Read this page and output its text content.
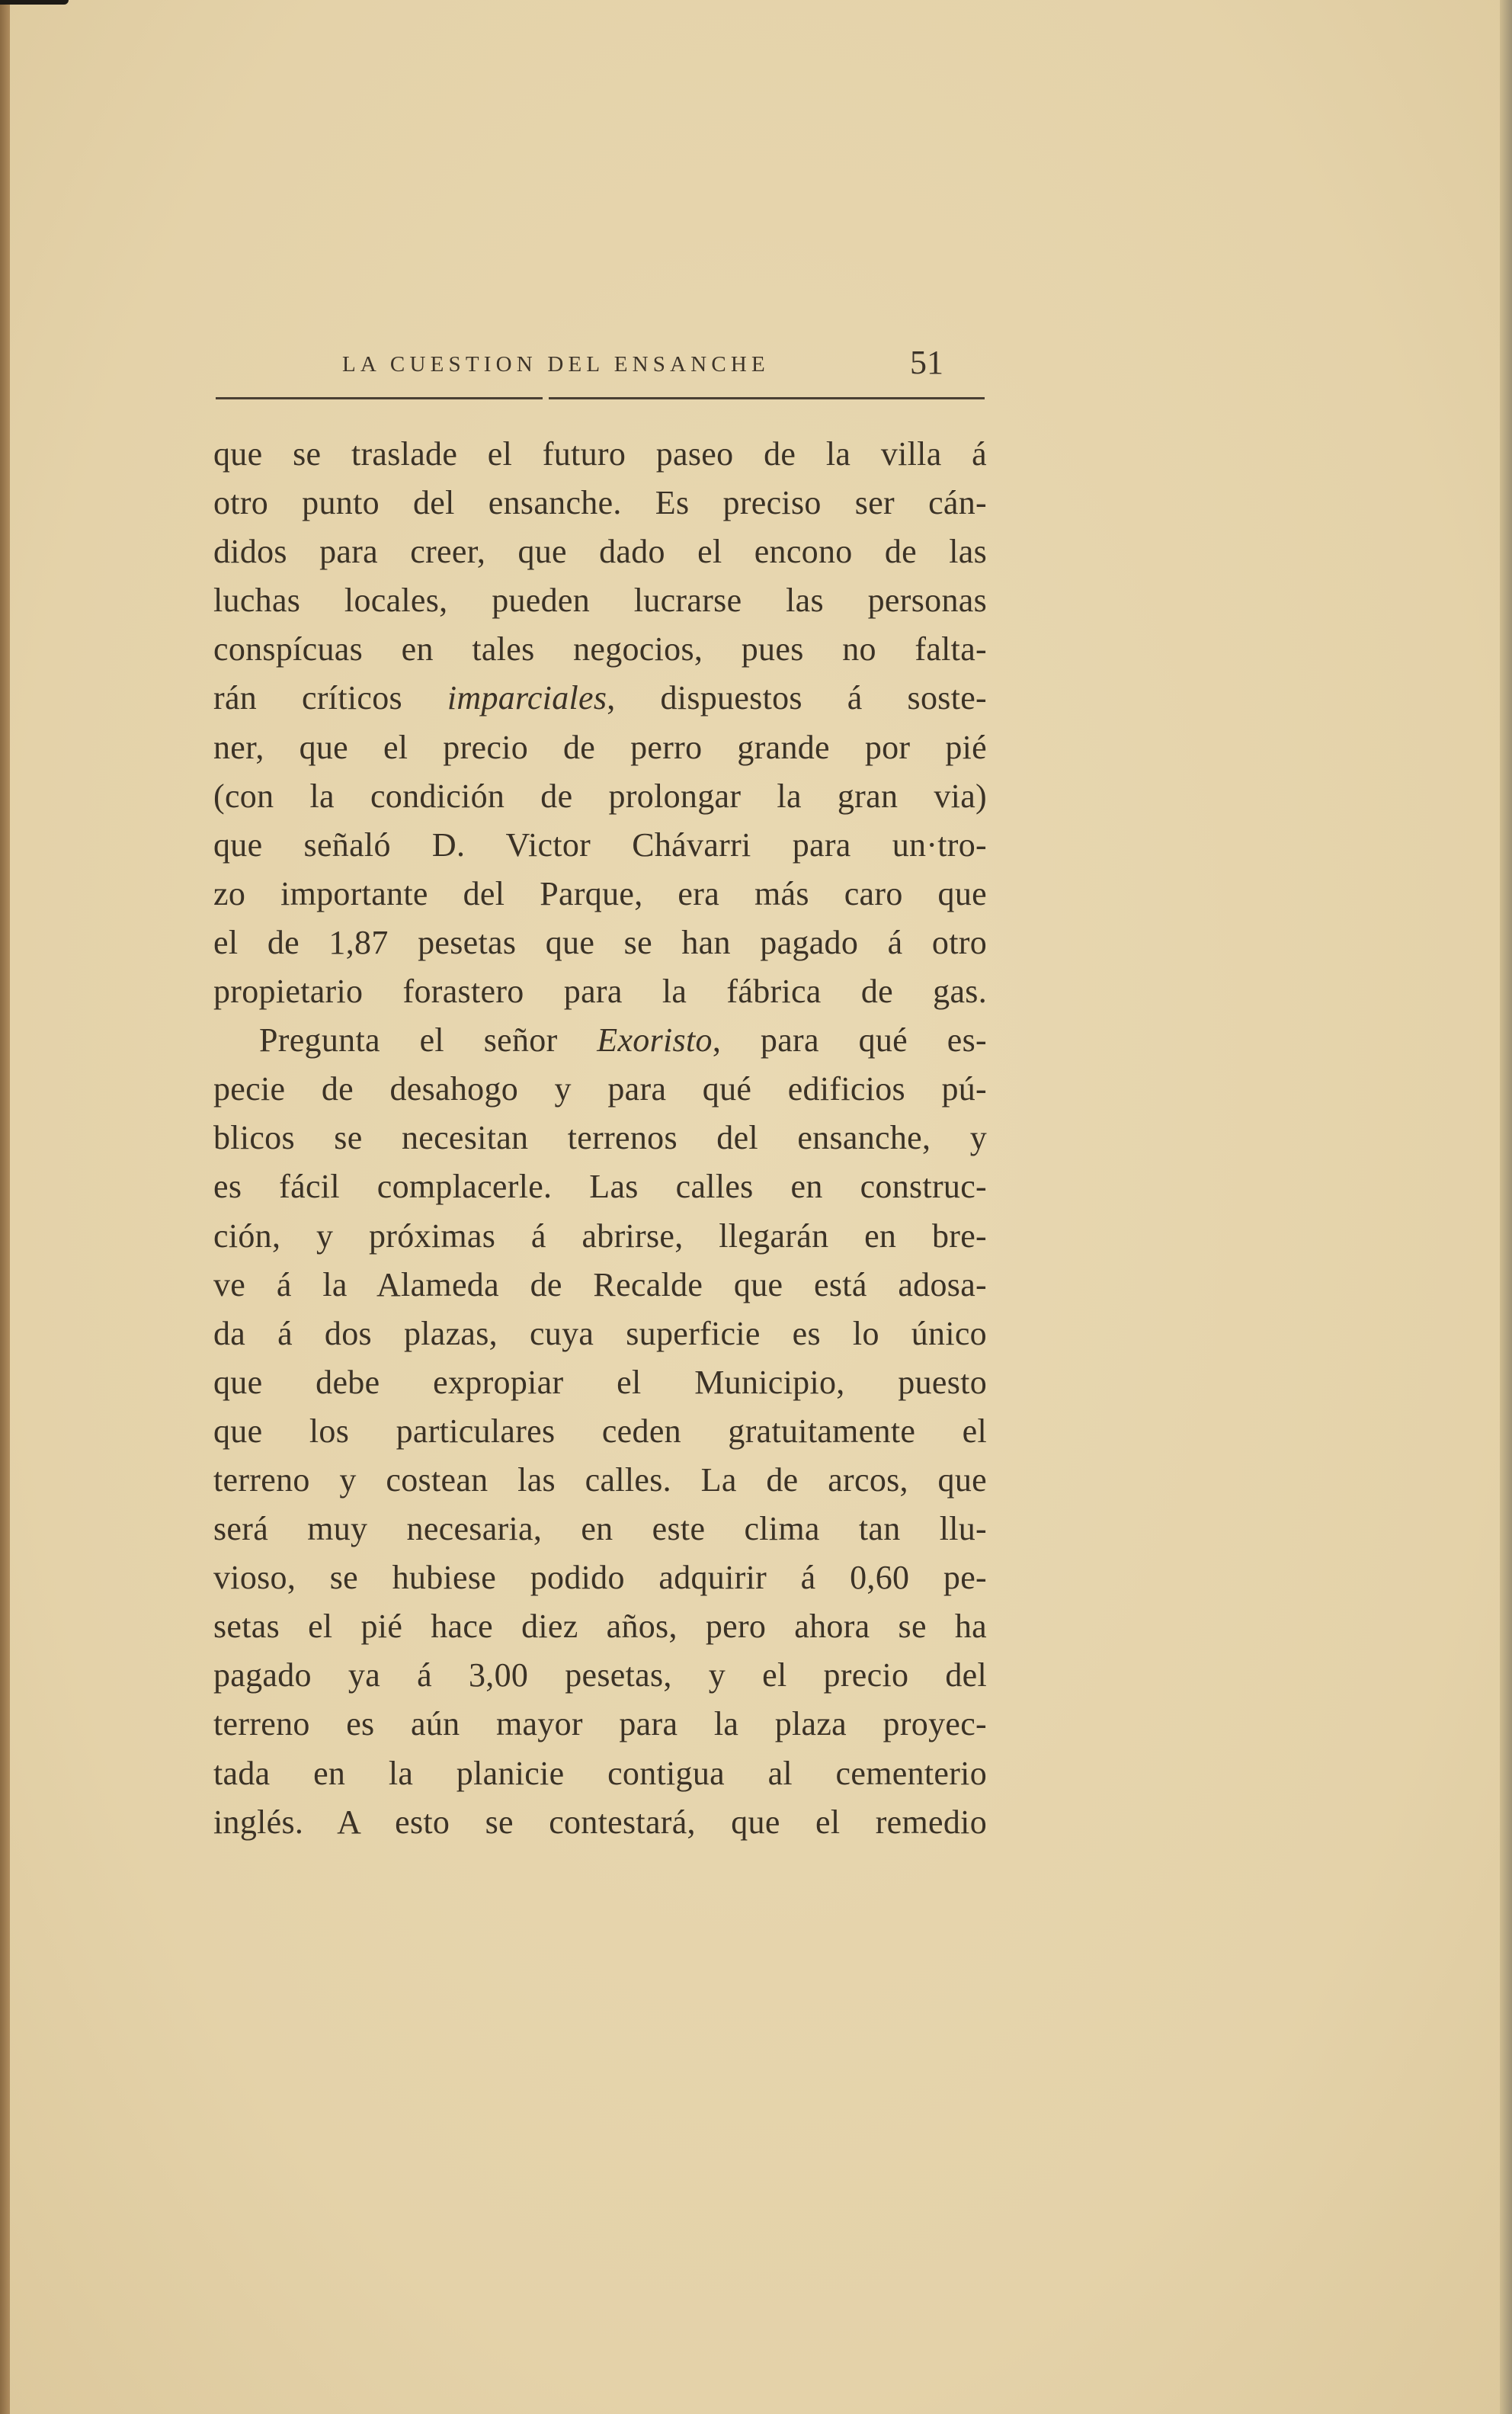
LA CUESTION DEL ENSANCHE	51
que se traslade el futuro paseo de la villa á
otro punto del ensanche. Es preciso ser cán-
didos para creer, que dado el encono de las
luchas locales, pueden lucrarse las personas
conspícuas en tales negocios, pues no falta-
rán críticos imparciales, dispuestos á soste-
ner, que el precio de perro grande por pié
(con la condición de prolongar la gran via)
que señaló D. Victor Chávarri para un·tro-
zo importante del Parque, era más caro que
el de 1,87 pesetas que se han pagado á otro
propietario forastero para la fábrica de gas.
Pregunta el señor Exoristo, para qué es-
pecie de desahogo y para qué edificios pú-
blicos se necesitan terrenos del ensanche, y
es fácil complacerle. Las calles en construc-
ción, y próximas á abrirse, llegarán en bre-
ve á la Alameda de Recalde que está adosa-
da á dos plazas, cuya superficie es lo único
que debe expropiar el Municipio, puesto
que los particulares ceden gratuitamente el
terreno y costean las calles. La de arcos, que
será muy necesaria, en este clima tan llu-
vioso, se hubiese podido adquirir á 0,60 pe-
setas el pié hace diez años, pero ahora se ha
pagado ya á 3,00 pesetas, y el precio del
terreno es aún mayor para la plaza proyec-
tada en la planicie contigua al cementerio
inglés. A esto se contestará, que el remedio
